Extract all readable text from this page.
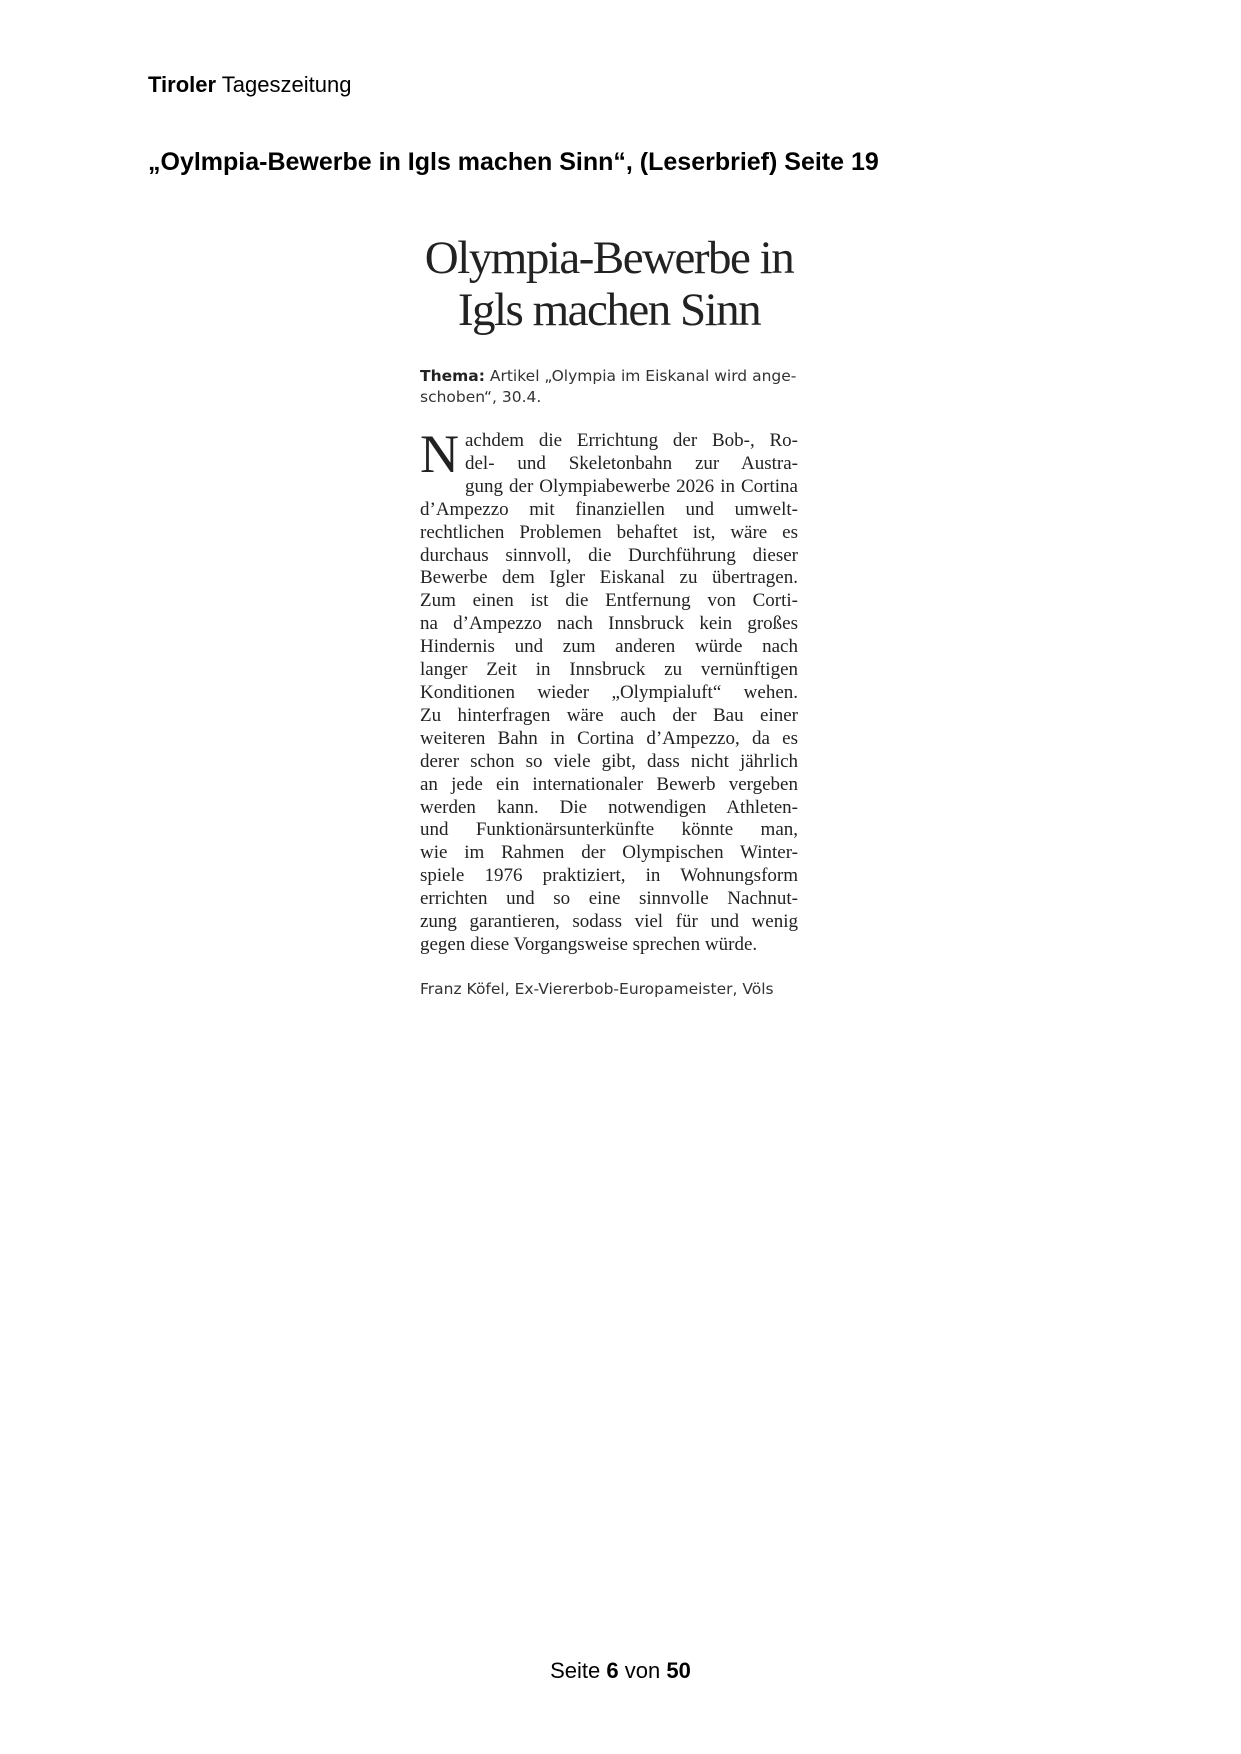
Tiroler Tageszeitung
„Oylmpia-Bewerbe in Igls machen Sinn“, (Leserbrief) Seite 19
Olympia-Bewerbe in
Igls machen Sinn
Thema: Artikel „Olympia im Eiskanal wird ange-schoben“, 30.4.
N achdem die Errichtung der Bob-, Ro-
del- und Skeletonbahn zur Austra-
gung der Olympiabewerbe 2026 in Cortina
d’Ampezzo mit finanziellen und umwelt-
rechtlichen Problemen behaftet ist, wäre es
durchaus sinnvoll, die Durchführung dieser
Bewerbe dem Igler Eiskanal zu übertragen.
Zum einen ist die Entfernung von Corti-
na d’Ampezzo nach Innsbruck kein großes
Hindernis und zum anderen würde nach
langer Zeit in Innsbruck zu vernünftigen
Konditionen wieder „Olympialuft“ wehen.
Zu hinterfragen wäre auch der Bau einer
weiteren Bahn in Cortina d’Ampezzo, da es
derer schon so viele gibt, dass nicht jährlich
an jede ein internationaler Bewerb vergeben
werden kann. Die notwendigen Athleten-
und Funktionärsunterkünfte könnte man,
wie im Rahmen der Olympischen Winter-
spiele 1976 praktiziert, in Wohnungsform
errichten und so eine sinnvolle Nachnut-
zung garantieren, sodass viel für und wenig
gegen diese Vorgangsweise sprechen würde.
Franz Köfel, Ex-Viererbob-Europameister, Völs
Seite 6 von 50
